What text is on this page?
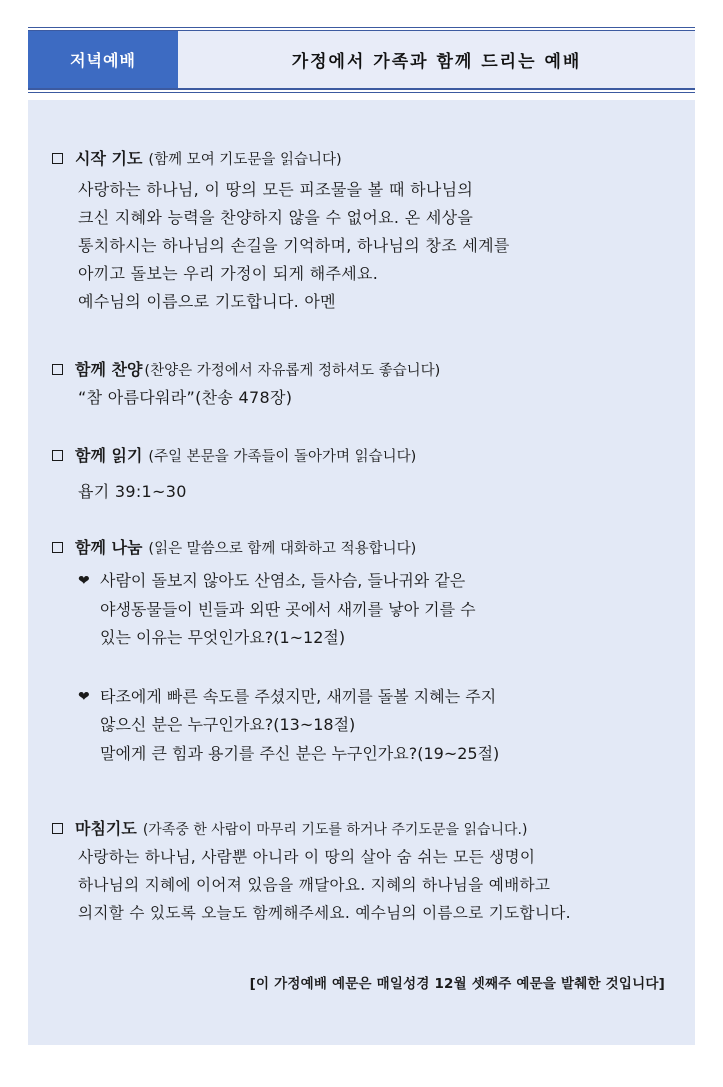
저녁예배	가정에서 가족과 함께 드리는 예배
시작 기도 (함께 모여 기도문을 읽습니다)
사랑하는 하나님, 이 땅의 모든 피조물을 볼 때 하나님의
크신 지혜와 능력을 찬양하지 않을 수 없어요. 온 세상을
통치하시는 하나님의 손길을 기억하며, 하나님의 창조 세계를
아끼고 돌보는 우리 가정이 되게 해주세요.
예수님의 이름으로 기도합니다. 아멘
함께 찬양 (찬양은 가정에서 자유롭게 정하셔도 좋습니다)
“참 아름다워라”(찬송 478장)
함께 읽기 (주일 본문을 가족들이 돌아가며 읽습니다)
욥기 39:1~30
함께 나눔 (읽은 말씀으로 함께 대화하고 적용합니다)
❤ 사람이 돌보지 않아도 산염소, 들사슴, 들나귀와 같은
야생동물들이 빈들과 외딴 곳에서 새끼를 낳아 기를 수
있는 이유는 무엇인가요?(1~12절)
❤ 타조에게 빠른 속도를 주셨지만, 새끼를 돌볼 지혜는 주지
않으신 분은 누구인가요?(13~18절)
말에게 큰 힘과 용기를 주신 분은 누구인가요?(19~25절)
마침기도 (가족중 한 사람이 마무리 기도를 하거나 주기도문을 읽습니다.)
사랑하는 하나님, 사람뿐 아니라 이 땅의 살아 숨 쉬는 모든 생명이
하나님의 지혜에 이어져 있음을 깨달아요. 지혜의 하나님을 예배하고
의지할 수 있도록 오늘도 함께해주세요. 예수님의 이름으로 기도합니다.
[이 가정예배 예문은 매일성경 12월 셋째주 예문을 발췌한 것입니다]
